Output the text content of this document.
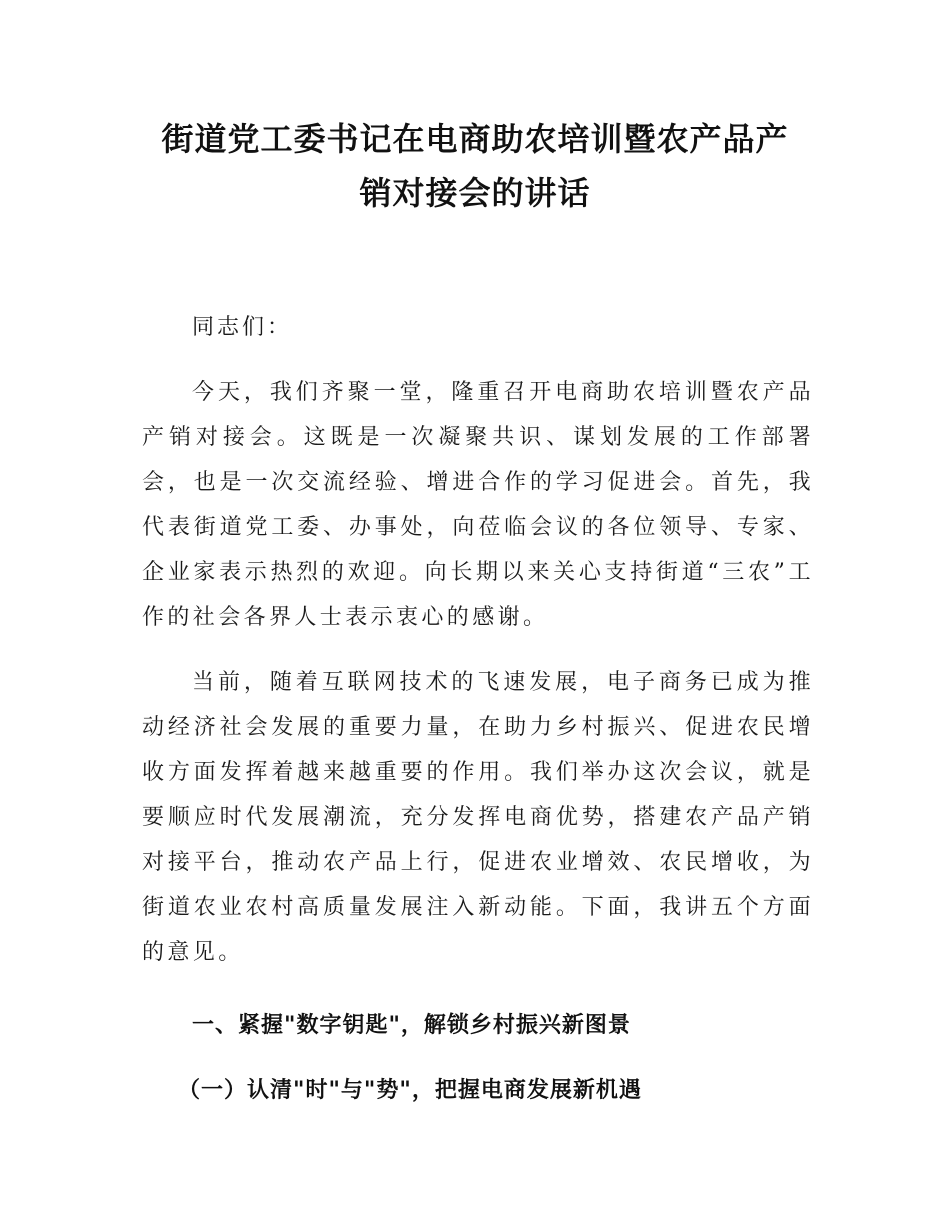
街道党工委书记在电商助农培训暨农产品产
销对接会的讲话

同志们：

今天，我们齐聚一堂，隆重召开电商助农培训暨农产品产销对接会。这既是一次凝聚共识、谋划发展的工作部署会，也是一次交流经验、增进合作的学习促进会。首先，我代表街道党工委、办事处，向莅临会议的各位领导、专家、企业家表示热烈的欢迎。向长期以来关心支持街道“三农”工作的社会各界人士表示衷心的感谢。

当前，随着互联网技术的飞速发展，电子商务已成为推动经济社会发展的重要力量，在助力乡村振兴、促进农民增收方面发挥着越来越重要的作用。我们举办这次会议，就是要顺应时代发展潮流，充分发挥电商优势，搭建农产品产销对接平台，推动农产品上行，促进农业增效、农民增收，为街道农业农村高质量发展注入新动能。下面，我讲五个方面的意见。

一、紧握"数字钥匙"，解锁乡村振兴新图景

（一）认清"时"与"势"，把握电商发展新机遇
